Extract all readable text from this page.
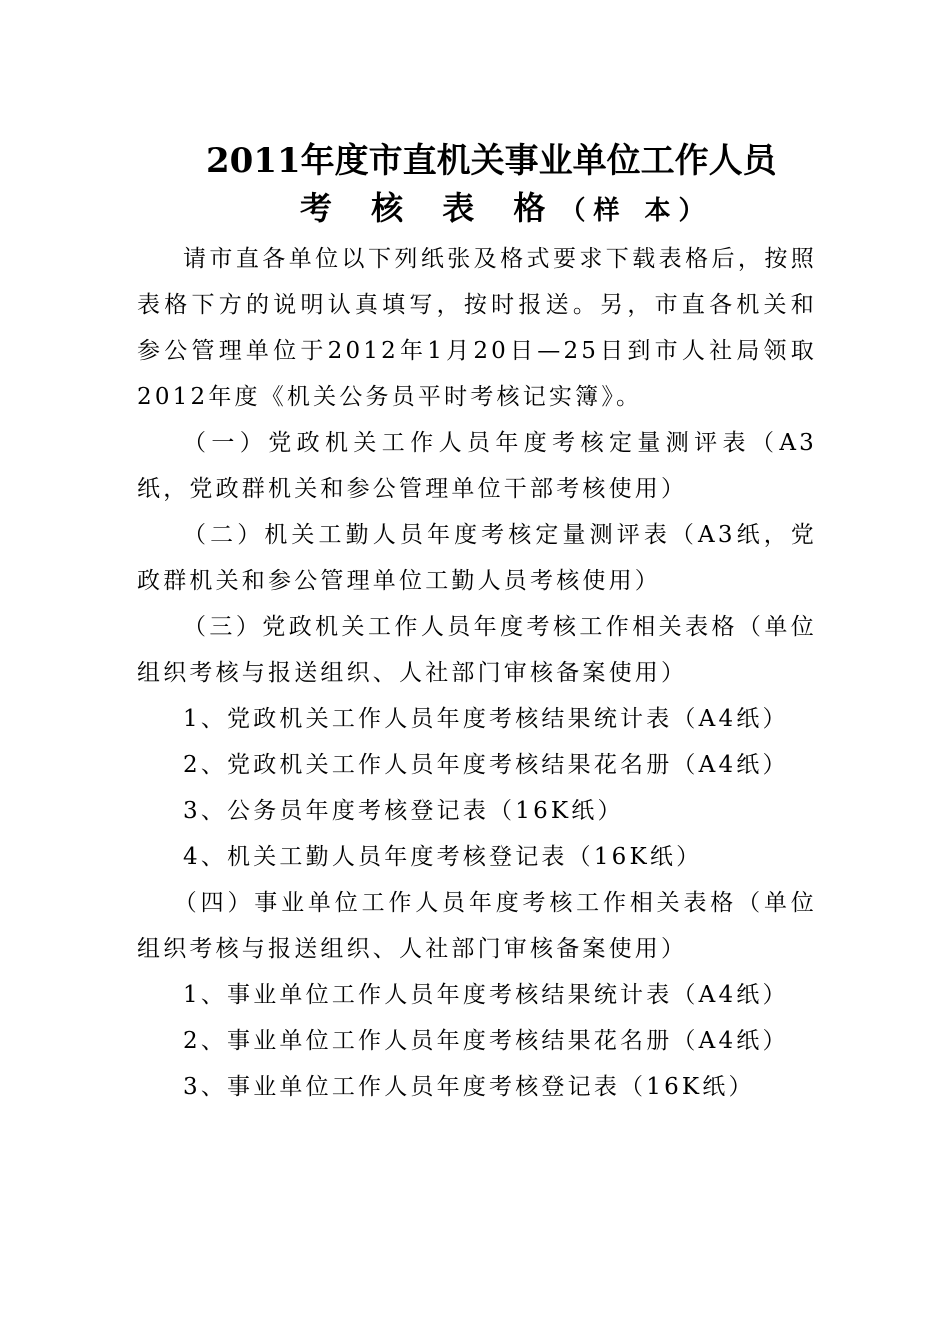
2011年度市直机关事业单位工作人员
考 核 表 格（样 本）

请市直各单位以下列纸张及格式要求下载表格后，按照表格下方的说明认真填写，按时报送。另，市直各机关和参公管理单位于2012年1月20日—25日到市人社局领取2012年度《机关公务员平时考核记实簿》。

（一）党政机关工作人员年度考核定量测评表（A3纸，党政群机关和参公管理单位干部考核使用）

（二）机关工勤人员年度考核定量测评表（A3纸，党政群机关和参公管理单位工勤人员考核使用）

（三）党政机关工作人员年度考核工作相关表格（单位组织考核与报送组织、人社部门审核备案使用）

1、党政机关工作人员年度考核结果统计表（A4纸）

2、党政机关工作人员年度考核结果花名册（A4纸）

3、公务员年度考核登记表（16K纸）

4、机关工勤人员年度考核登记表（16K纸）

（四）事业单位工作人员年度考核工作相关表格（单位组织考核与报送组织、人社部门审核备案使用）

1、事业单位工作人员年度考核结果统计表（A4纸）

2、事业单位工作人员年度考核结果花名册（A4纸）

3、事业单位工作人员年度考核登记表（16K纸）
